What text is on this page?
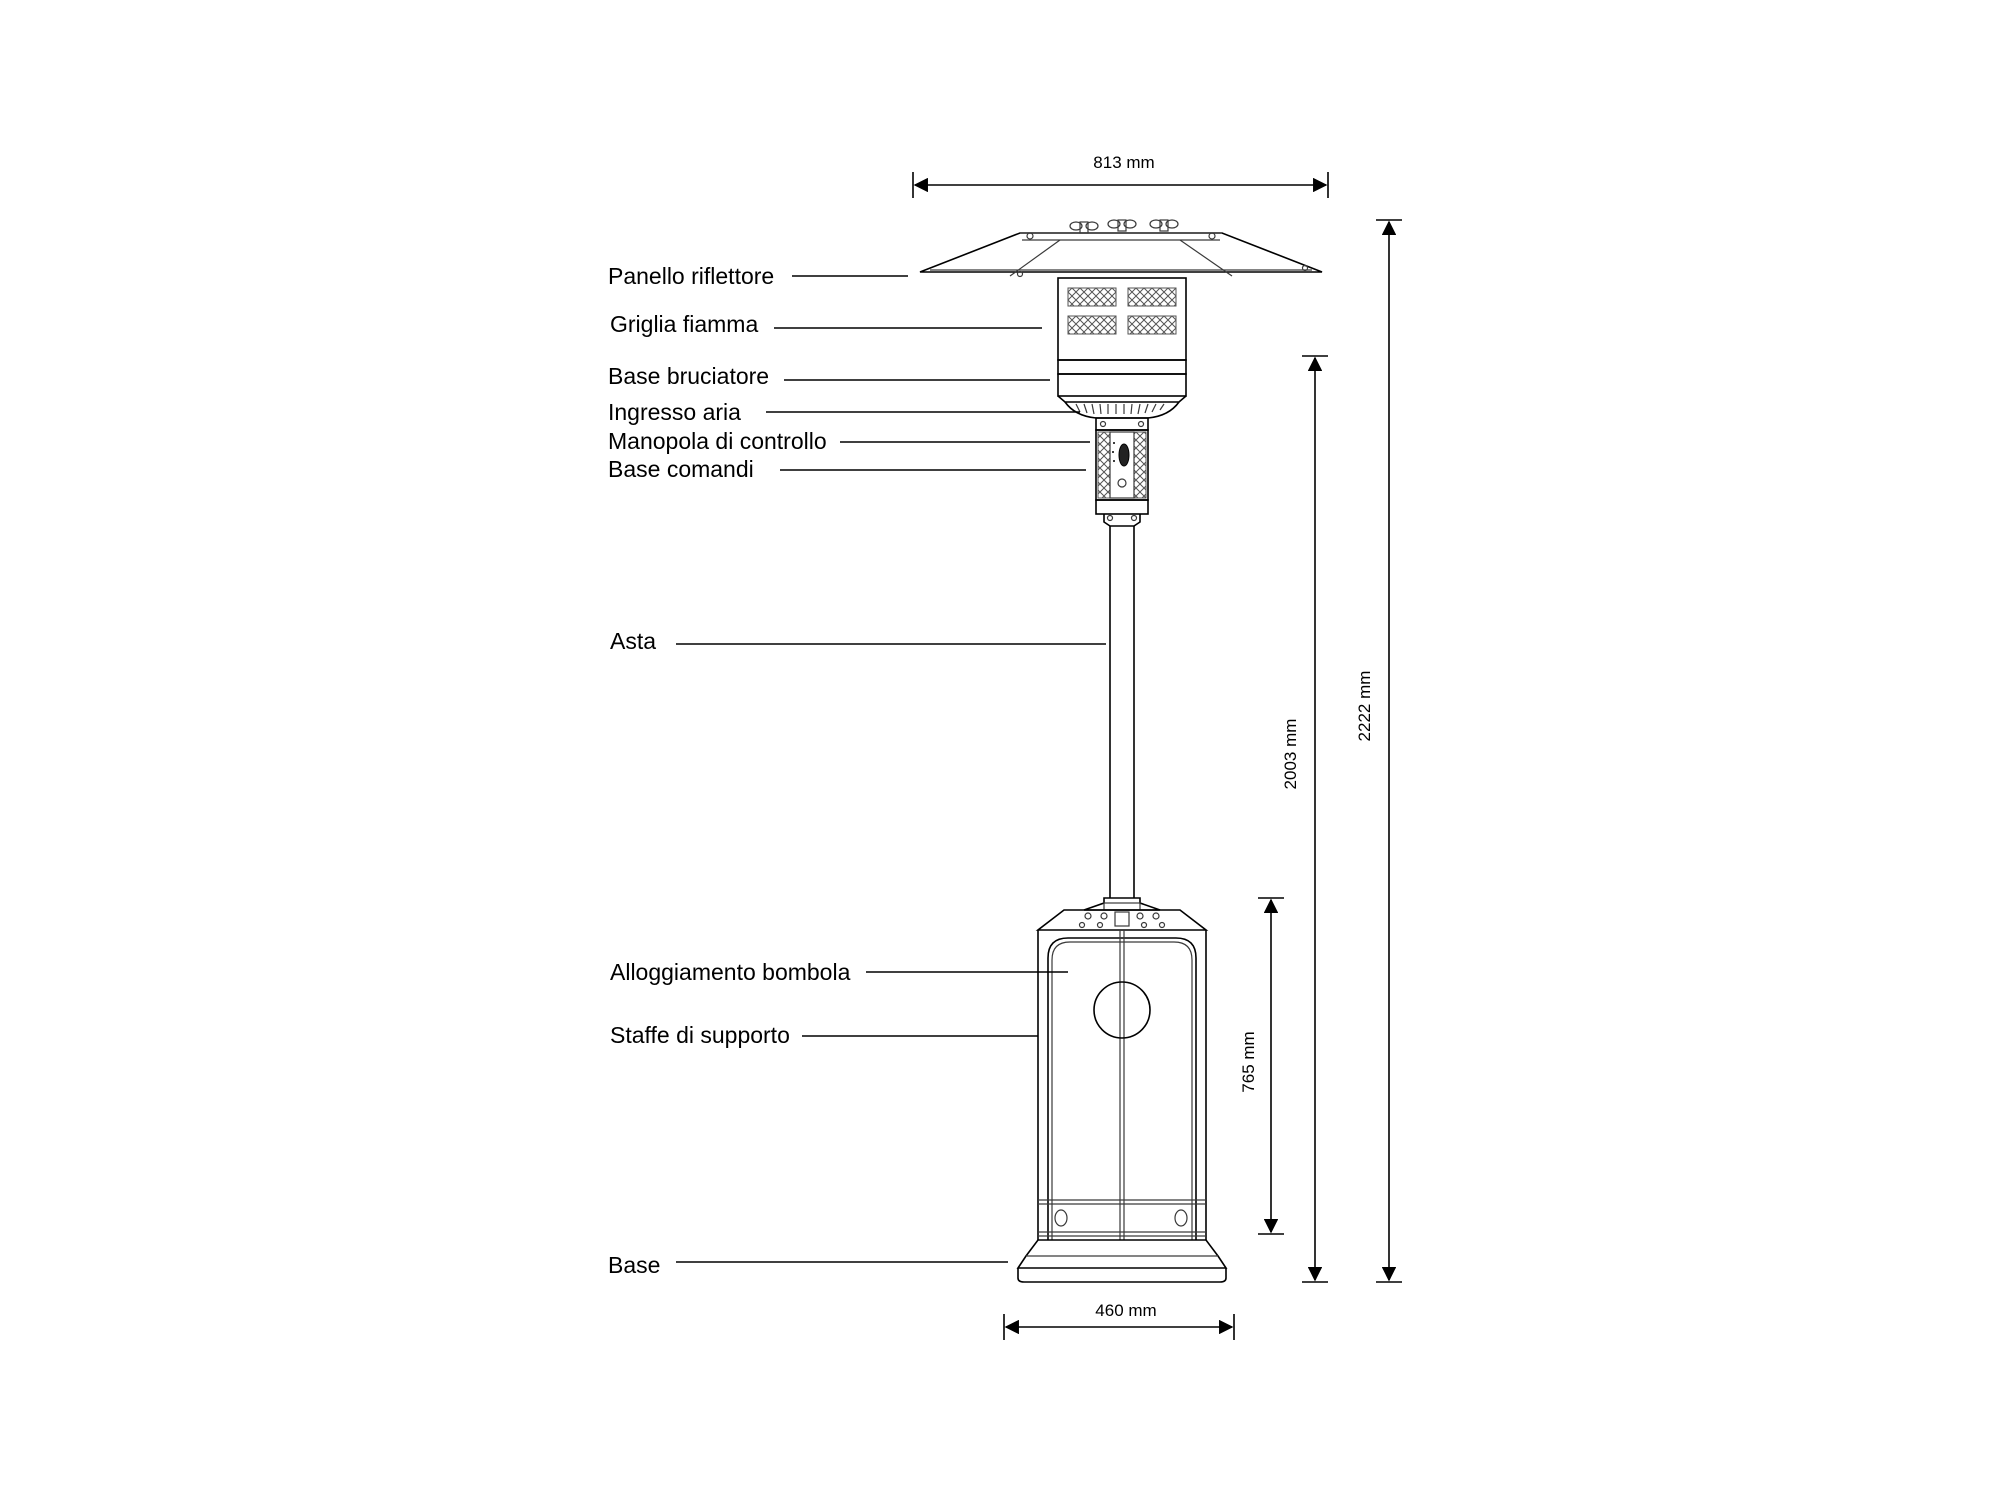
813 mm
460 mm
765 mm
2003 mm
2222 mm
Panello riflettore
Griglia fiamma
Base bruciatore
Ingresso aria
Manopola di controllo
Base comandi
Asta
Alloggiamento bombola
Staffe di supporto
Base
